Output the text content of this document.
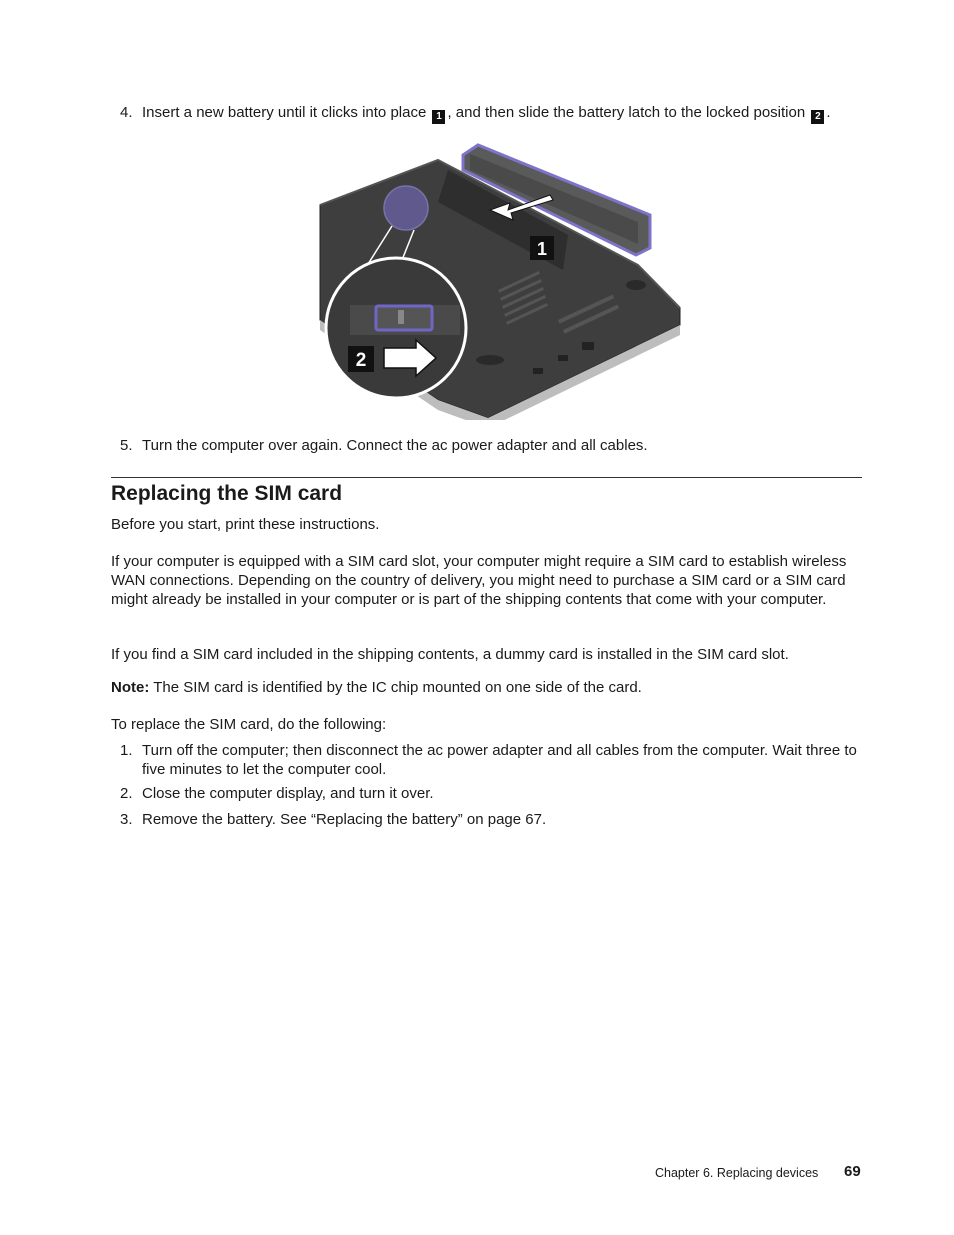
4. Insert a new battery until it clicks into place 1 , and then slide the battery latch to the locked position 2 .
1
2
5. Turn the computer over again. Connect the ac power adapter and all cables.
Replacing the SIM card
Before you start, print these instructions.
If your computer is equipped with a SIM card slot, your computer might require a SIM card to establish wireless WAN connections. Depending on the country of delivery, you might need to purchase a SIM card or a SIM card might already be installed in your computer or is part of the shipping contents that come with your computer.
If you find a SIM card included in the shipping contents, a dummy card is installed in the SIM card slot.
Note: The SIM card is identified by the IC chip mounted on one side of the card.
To replace the SIM card, do the following:
1. Turn off the computer; then disconnect the ac power adapter and all cables from the computer. Wait three to five minutes to let the computer cool.
2. Close the computer display, and turn it over.
3. Remove the battery. See “Replacing the battery” on page 67.
Chapter 6. Replacing devices 69
